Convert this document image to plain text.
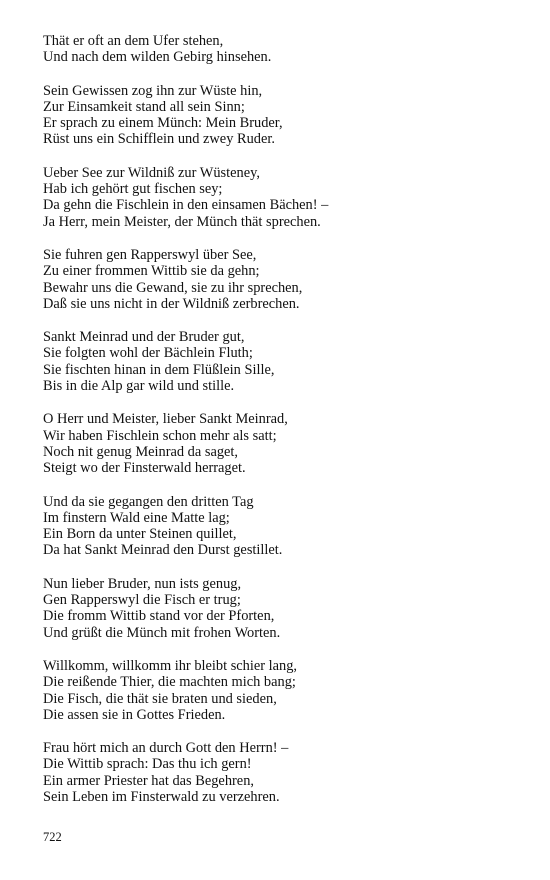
Thät er oft an dem Ufer stehen,
Und nach dem wilden Gebirg hinsehen.
Sein Gewissen zog ihn zur Wüste hin,
Zur Einsamkeit stand all sein Sinn;
Er sprach zu einem Münch: Mein Bruder,
Rüst uns ein Schifflein und zwey Ruder.
Ueber See zur Wildniß zur Wüsteney,
Hab ich gehört gut fischen sey;
Da gehn die Fischlein in den einsamen Bächen! –
Ja Herr, mein Meister, der Münch thät sprechen.
Sie fuhren gen Rapperswyl über See,
Zu einer frommen Wittib sie da gehn;
Bewahr uns die Gewand, sie zu ihr sprechen,
Daß sie uns nicht in der Wildniß zerbrechen.
Sankt Meinrad und der Bruder gut,
Sie folgten wohl der Bächlein Fluth;
Sie fischten hinan in dem Flüßlein Sille,
Bis in die Alp gar wild und stille.
O Herr und Meister, lieber Sankt Meinrad,
Wir haben Fischlein schon mehr als satt;
Noch nit genug Meinrad da saget,
Steigt wo der Finsterwald herraget.
Und da sie gegangen den dritten Tag
Im finstern Wald eine Matte lag;
Ein Born da unter Steinen quillet,
Da hat Sankt Meinrad den Durst gestillet.
Nun lieber Bruder, nun ists genug,
Gen Rapperswyl die Fisch er trug;
Die fromm Wittib stand vor der Pforten,
Und grüßt die Münch mit frohen Worten.
Willkomm, willkomm ihr bleibt schier lang,
Die reißende Thier, die machten mich bang;
Die Fisch, die thät sie braten und sieden,
Die assen sie in Gottes Frieden.
Frau hört mich an durch Gott den Herrn! –
Die Wittib sprach: Das thu ich gern!
Ein armer Priester hat das Begehren,
Sein Leben im Finsterwald zu verzehren.
722
